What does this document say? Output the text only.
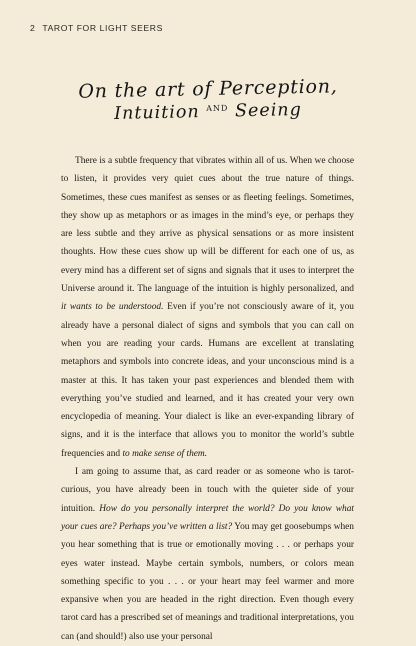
2 TAROT FOR LIGHT SEERS
On the art of Perception,
Intuition $^{AND}$ Seeing

There is a subtle frequency that vibrates within all of us. When we choose to listen, it provides very quiet cues about the true nature of things. Sometimes, these cues manifest as senses or as fleeting feelings. Sometimes, they show up as metaphors or as images in the mind’s eye, or perhaps they are less subtle and they arrive as physical sensations or as more insistent thoughts. How these cues show up will be different for each one of us, as every mind has a different set of signs and signals that it uses to interpret the Universe around it. The language of the intuition is highly personalized, and it wants to be understood. Even if you’re not consciously aware of it, you already have a personal dialect of signs and symbols that you can call on when you are reading your cards. Humans are excellent at translating metaphors and symbols into concrete ideas, and your unconscious mind is a master at this. It has taken your past experiences and blended them with everything you’ve studied and learned, and it has created your very own encyclopedia of meaning. Your dialect is like an ever-expanding library of signs, and it is the interface that allows you to monitor the world’s subtle frequencies and to make sense of them.

I am going to assume that, as card reader or as someone who is tarot-curious, you have already been in touch with the quieter side of your intuition. How do you personally interpret the world? Do you know what your cues are? Perhaps you’ve written a list? You may get goosebumps when you hear something that is true or emotionally moving . . . or perhaps your eyes water instead. Maybe certain symbols, numbers, or colors mean something specific to you . . . or your heart may feel warmer and more expansive when you are headed in the right direction. Even though every tarot card has a prescribed set of meanings and traditional interpretations, you can (and should!) also use your personal
